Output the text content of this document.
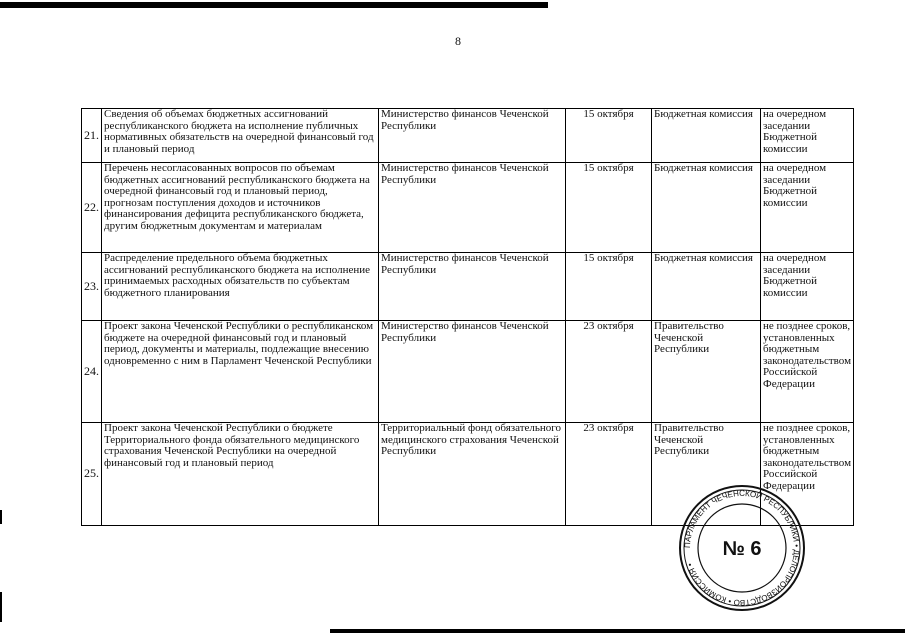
8
21.	Сведения об объемах бюджетных ассигнований республиканского бюджета на исполнение публичных нормативных обязательств на очередной финансовый год и плановый период	Министерство финансов Чеченской Республики	15 октября	Бюджетная комиссия	на очередном заседании Бюджетной комиссии
22.	Перечень несогласованных вопросов по объемам бюджетных ассигнований республиканского бюджета на очередной финансовый год и плановый период, прогнозам поступления доходов и источников финансирования дефицита республиканского бюджета, другим бюджетным документам и материалам	Министерство финансов Чеченской Республики	15 октября	Бюджетная комиссия	на очередном заседании Бюджетной комиссии
23.	Распределение предельного объема бюджетных ассигнований республиканского бюджета на исполнение принимаемых расходных обязательств по субъектам бюджетного планирования	Министерство финансов Чеченской Республики	15 октября	Бюджетная комиссия	на очередном заседании Бюджетной комиссии
24.	Проект закона Чеченской Республики о республиканском бюджете на очередной финансовый год и плановый период, документы и материалы, подлежащие внесению одновременно с ним в Парламент Чеченской Республики	Министерство финансов Чеченской Республики	23 октября	Правительство Чеченской Республики	не позднее сроков, установленных бюджетным законодательством Российской Федерации
25.	Проект закона Чеченской Республики о бюджете Территориального фонда обязательного медицинского страхования Чеченской Республики на очередной финансовый год и плановый период	Территориальный фонд обязательного медицинского страхования Чеченской Республики	23 октября	Правительство Чеченской Республики	не позднее сроков, установленных бюджетным законодательством Российской Федерации
ПАРЛАМЕНТ ЧЕЧЕНСКОЙ РЕСПУБЛИКИ • ДЕЛОПРОИЗВОДСТВО • КОМИССИЯ •
№ 6
